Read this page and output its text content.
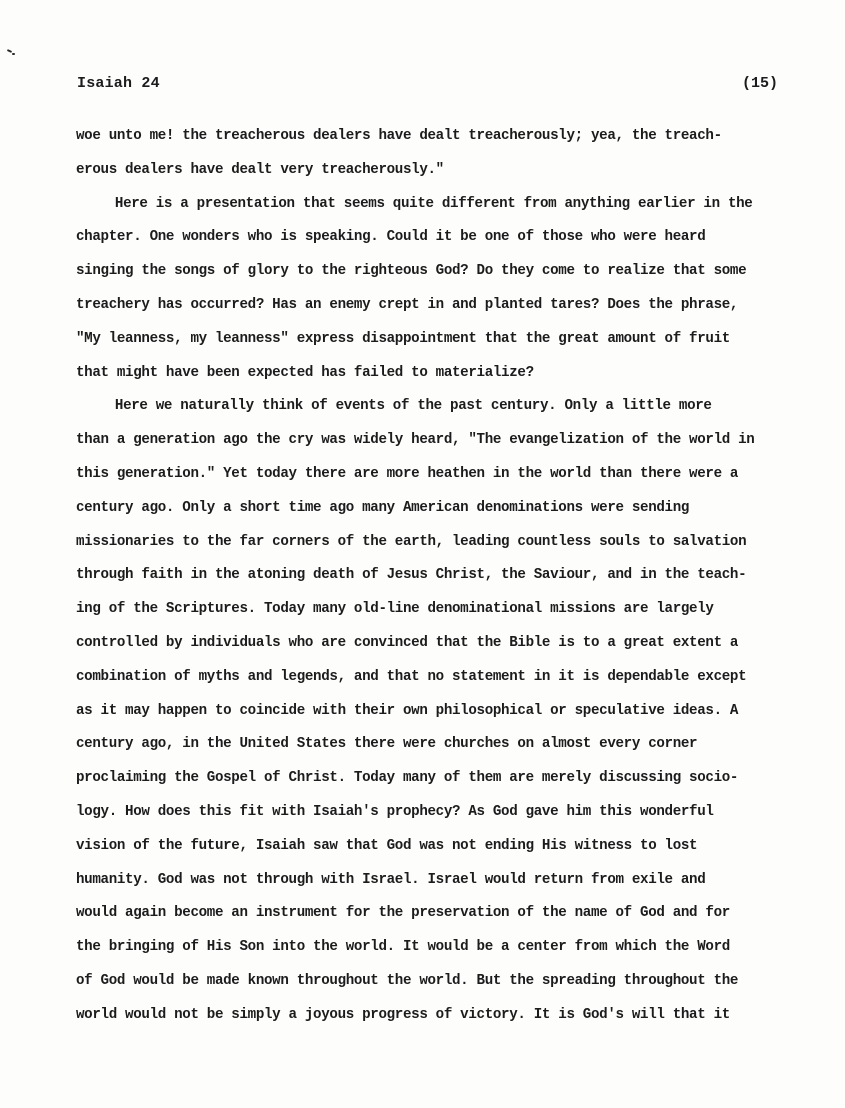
Isaiah 24	(15)
woe unto me! the treacherous dealers have dealt treacherously; yea, the treach-
erous dealers have dealt very treacherously."
Here is a presentation that seems quite different from anything earlier in the
chapter. One wonders who is speaking. Could it be one of those who were heard
singing the songs of glory to the righteous God? Do they come to realize that some
treachery has occurred? Has an enemy crept in and planted tares? Does the phrase,
"My leanness, my leanness" express disappointment that the great amount of fruit
that might have been expected has failed to materialize?
Here we naturally think of events of the past century. Only a little more
than a generation ago the cry was widely heard, "The evangelization of the world in
this generation." Yet today there are more heathen in the world than there were a
century ago. Only a short time ago many American denominations were sending
missionaries to the far corners of the earth, leading countless souls to salvation
through faith in the atoning death of Jesus Christ, the Saviour, and in the teach-
ing of the Scriptures. Today many old-line denominational missions are largely
controlled by individuals who are convinced that the Bible is to a great extent a
combination of myths and legends, and that no statement in it is dependable except
as it may happen to coincide with their own philosophical or speculative ideas. A
century ago, in the United States there were churches on almost every corner
proclaiming the Gospel of Christ. Today many of them are merely discussing socio-
logy. How does this fit with Isaiah's prophecy? As God gave him this wonderful
vision of the future, Isaiah saw that God was not ending His witness to lost
humanity. God was not through with Israel. Israel would return from exile and
would again become an instrument for the preservation of the name of God and for
the bringing of His Son into the world. It would be a center from which the Word
of God would be made known throughout the world. But the spreading throughout the
world would not be simply a joyous progress of victory. It is God's will that it
